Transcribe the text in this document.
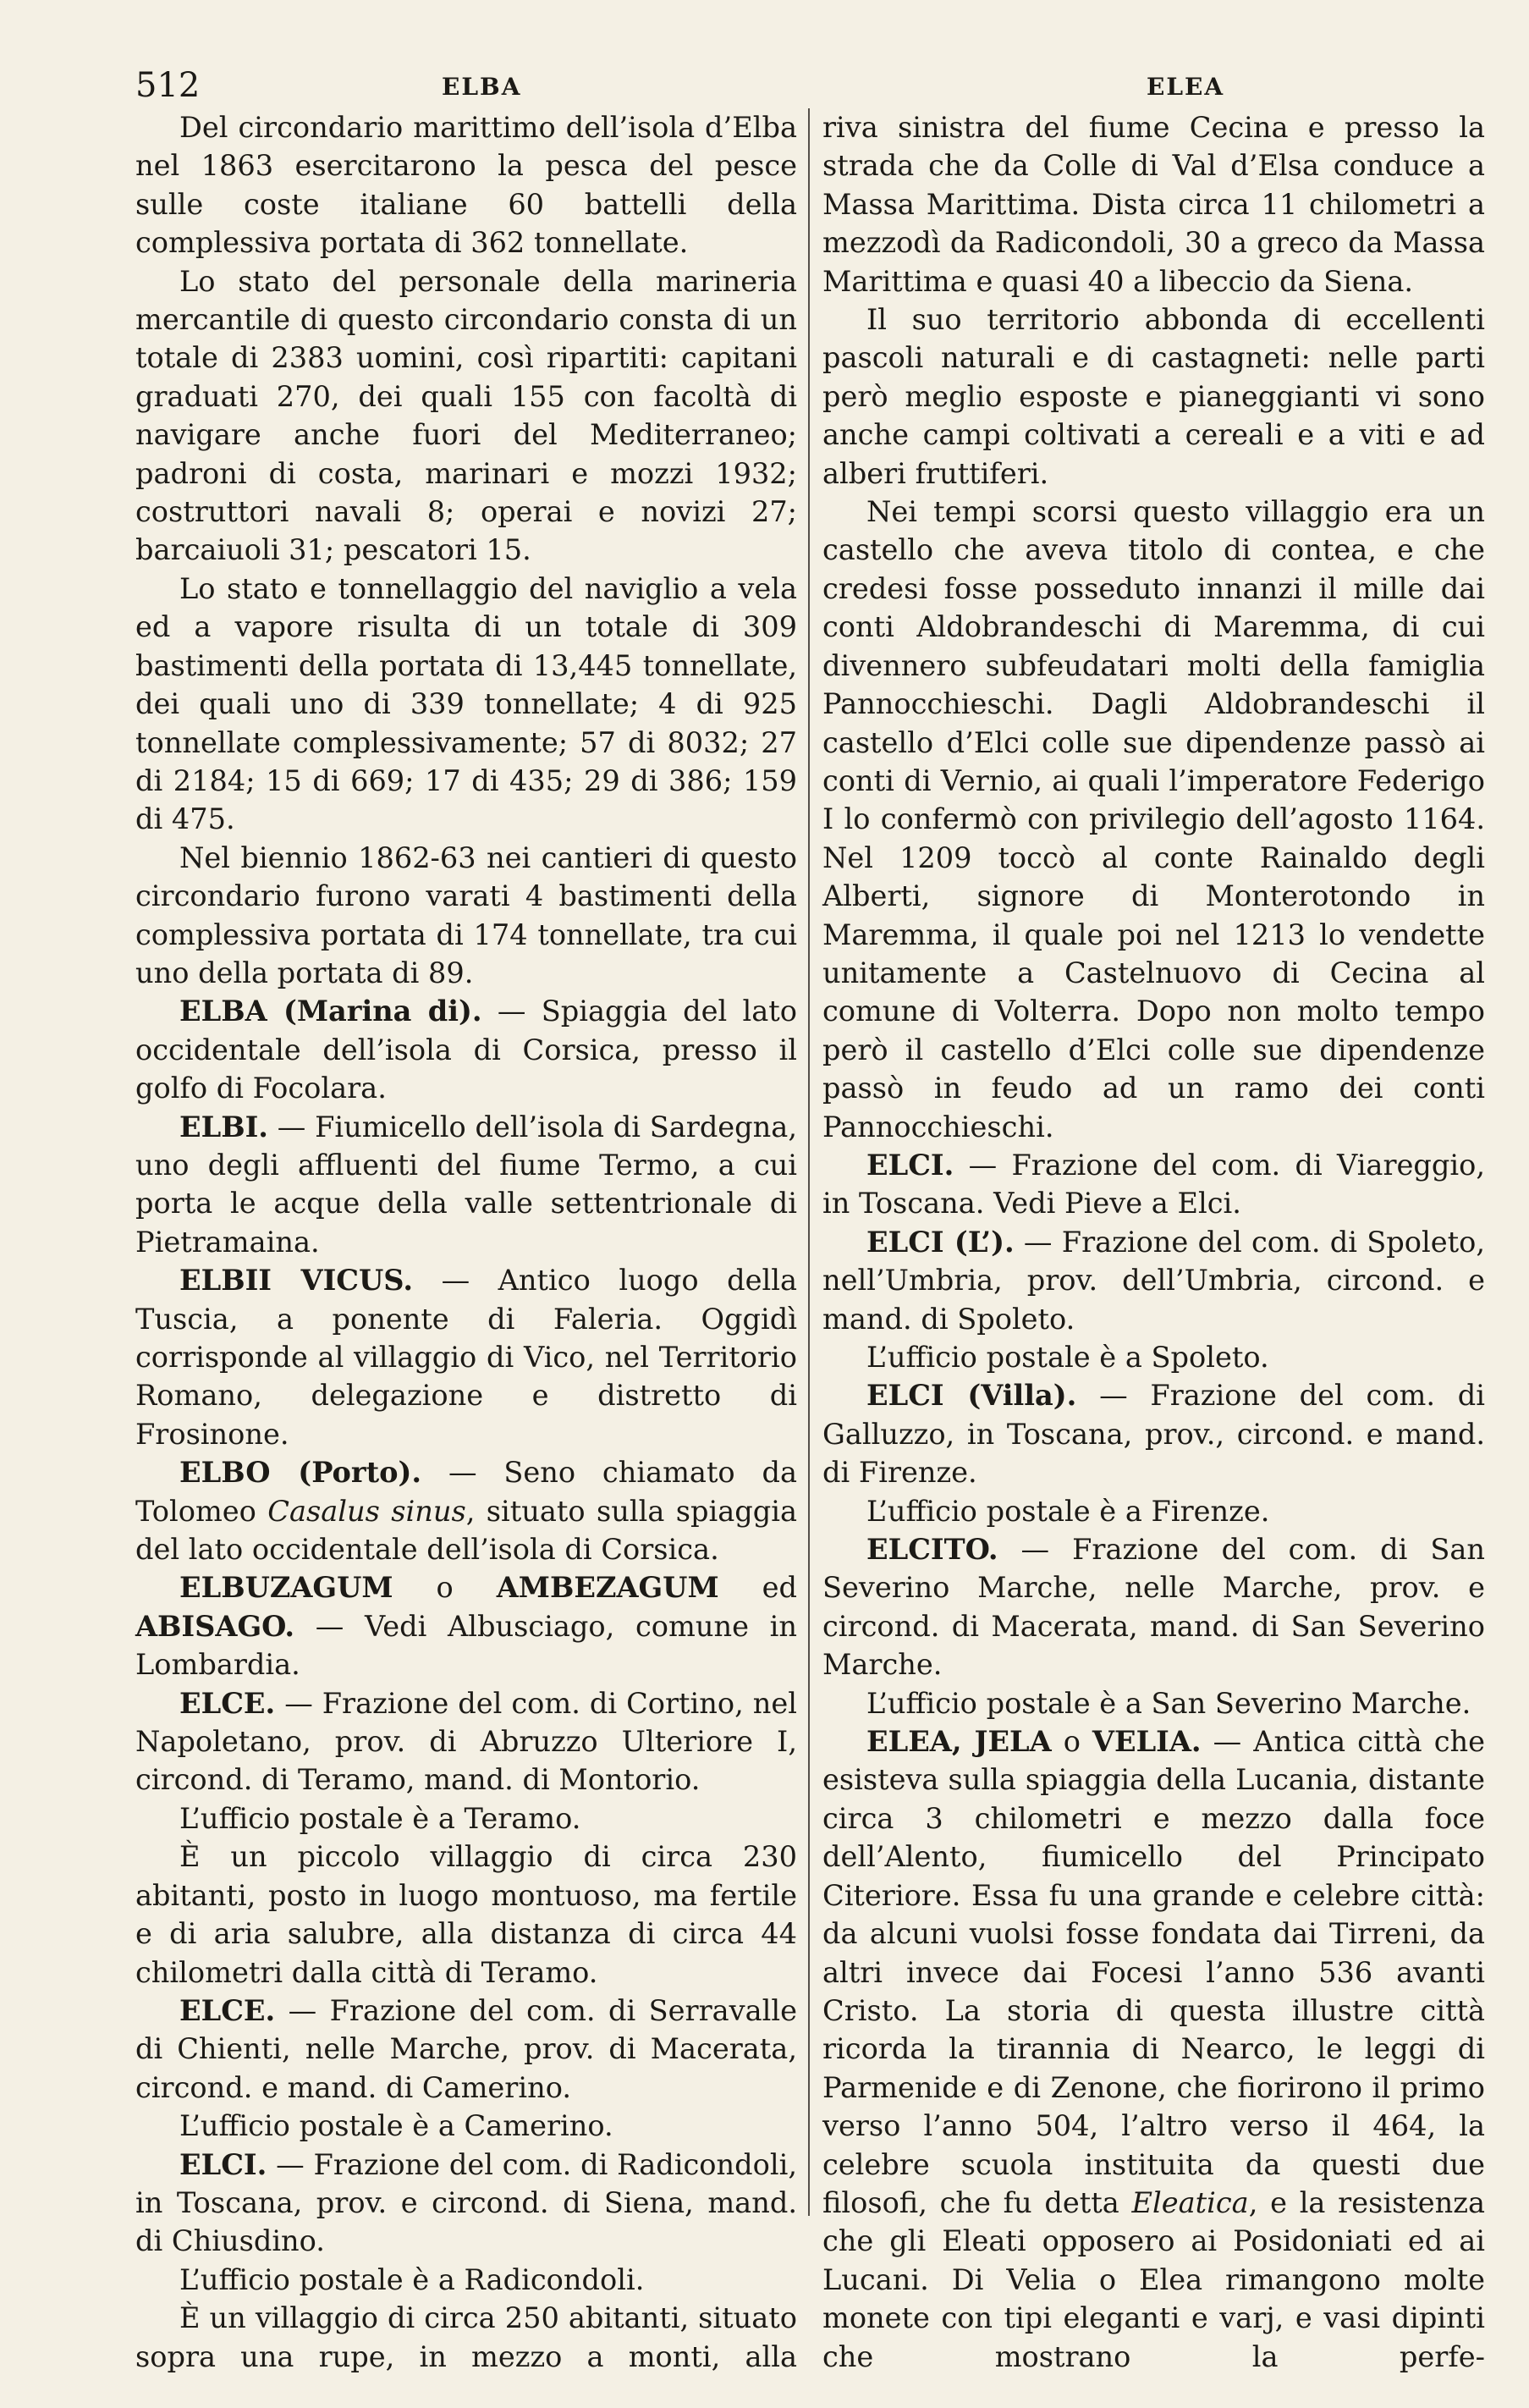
512	ELBA	ELEA

Del circondario marittimo dell’isola d’Elba nel 1863 esercitarono la pesca del pesce sulle coste italiane 60 battelli della complessiva portata di 362 tonnellate.

Lo stato del personale della marineria mercantile di questo circondario consta di un totale di 2383 uomini, così ripartiti: capitani graduati 270, dei quali 155 con facoltà di navigare anche fuori del Mediterraneo; padroni di costa, marinari e mozzi 1932; costruttori navali 8; operai e novizi 27; barcaiuoli 31; pescatori 15.

Lo stato e tonnellaggio del naviglio a vela ed a vapore risulta di un totale di 309 bastimenti della portata di 13,445 tonnellate, dei quali uno di 339 tonnellate; 4 di 925 tonnellate complessivamente; 57 di 8032; 27 di 2184; 15 di 669; 17 di 435; 29 di 386; 159 di 475.

Nel biennio 1862-63 nei cantieri di questo circondario furono varati 4 bastimenti della complessiva portata di 174 tonnellate, tra cui uno della portata di 89.

ELBA (Marina di). — Spiaggia del lato occidentale dell’isola di Corsica, presso il golfo di Focolara.

ELBI. — Fiumicello dell’isola di Sardegna, uno degli affluenti del fiume Termo, a cui porta le acque della valle settentrionale di Pietramaina.

ELBII VICUS. — Antico luogo della Tuscia, a ponente di Faleria. Oggidì corrisponde al villaggio di Vico, nel Territorio Romano, delegazione e distretto di Frosinone.

ELBO (Porto). — Seno chiamato da Tolomeo Casalus sinus, situato sulla spiaggia del lato occidentale dell’isola di Corsica.

ELBUZAGUM o AMBEZAGUM ed ABISAGO. — Vedi Albusciago, comune in Lombardia.

ELCE. — Frazione del com. di Cortino, nel Napoletano, prov. di Abruzzo Ulteriore I, circond. di Teramo, mand. di Montorio.

L’ufficio postale è a Teramo.

È un piccolo villaggio di circa 230 abitanti, posto in luogo montuoso, ma fertile e di aria salubre, alla distanza di circa 44 chilometri dalla città di Teramo.

ELCE. — Frazione del com. di Serravalle di Chienti, nelle Marche, prov. di Macerata, circond. e mand. di Camerino.

L’ufficio postale è a Camerino.

ELCI. — Frazione del com. di Radicondoli, in Toscana, prov. e circond. di Siena, mand. di Chiusdino.

L’ufficio postale è a Radicondoli.

È un villaggio di circa 250 abitanti, situato sopra una rupe, in mezzo a monti, alla

riva sinistra del fiume Cecina e presso la strada che da Colle di Val d’Elsa conduce a Massa Marittima. Dista circa 11 chilometri a mezzodì da Radicondoli, 30 a greco da Massa Marittima e quasi 40 a libeccio da Siena.

Il suo territorio abbonda di eccellenti pascoli naturali e di castagneti: nelle parti però meglio esposte e pianeggianti vi sono anche campi coltivati a cereali e a viti e ad alberi fruttiferi.

Nei tempi scorsi questo villaggio era un castello che aveva titolo di contea, e che credesi fosse posseduto innanzi il mille dai conti Aldobrandeschi di Maremma, di cui divennero subfeudatari molti della famiglia Pannocchieschi. Dagli Aldobrandeschi il castello d’Elci colle sue dipendenze passò ai conti di Vernio, ai quali l’imperatore Federigo I lo confermò con privilegio dell’agosto 1164. Nel 1209 toccò al conte Rainaldo degli Alberti, signore di Monterotondo in Maremma, il quale poi nel 1213 lo vendette unitamente a Castelnuovo di Cecina al comune di Volterra. Dopo non molto tempo però il castello d’Elci colle sue dipendenze passò in feudo ad un ramo dei conti Pannocchieschi.

ELCI. — Frazione del com. di Viareggio, in Toscana. Vedi Pieve a Elci.

ELCI (L’). — Frazione del com. di Spoleto, nell’Umbria, prov. dell’Umbria, circond. e mand. di Spoleto.

L’ufficio postale è a Spoleto.

ELCI (Villa). — Frazione del com. di Galluzzo, in Toscana, prov., circond. e mand. di Firenze.

L’ufficio postale è a Firenze.

ELCITO. — Frazione del com. di San Severino Marche, nelle Marche, prov. e circond. di Macerata, mand. di San Severino Marche.

L’ufficio postale è a San Severino Marche.

ELEA, JELA o VELIA. — Antica città che esisteva sulla spiaggia della Lucania, distante circa 3 chilometri e mezzo dalla foce dell’Alento, fiumicello del Principato Citeriore. Essa fu una grande e celebre città: da alcuni vuolsi fosse fondata dai Tirreni, da altri invece dai Focesi l’anno 536 avanti Cristo. La storia di questa illustre città ricorda la tirannia di Nearco, le leggi di Parmenide e di Zenone, che fiorirono il primo verso l’anno 504, l’altro verso il 464, la celebre scuola instituita da questi due filosofi, che fu detta Eleatica, e la resistenza che gli Eleati opposero ai Posidoniati ed ai Lucani. Di Velia o Elea rimangono molte monete con tipi eleganti e varj, e vasi dipinti che mostrano la perfe-
